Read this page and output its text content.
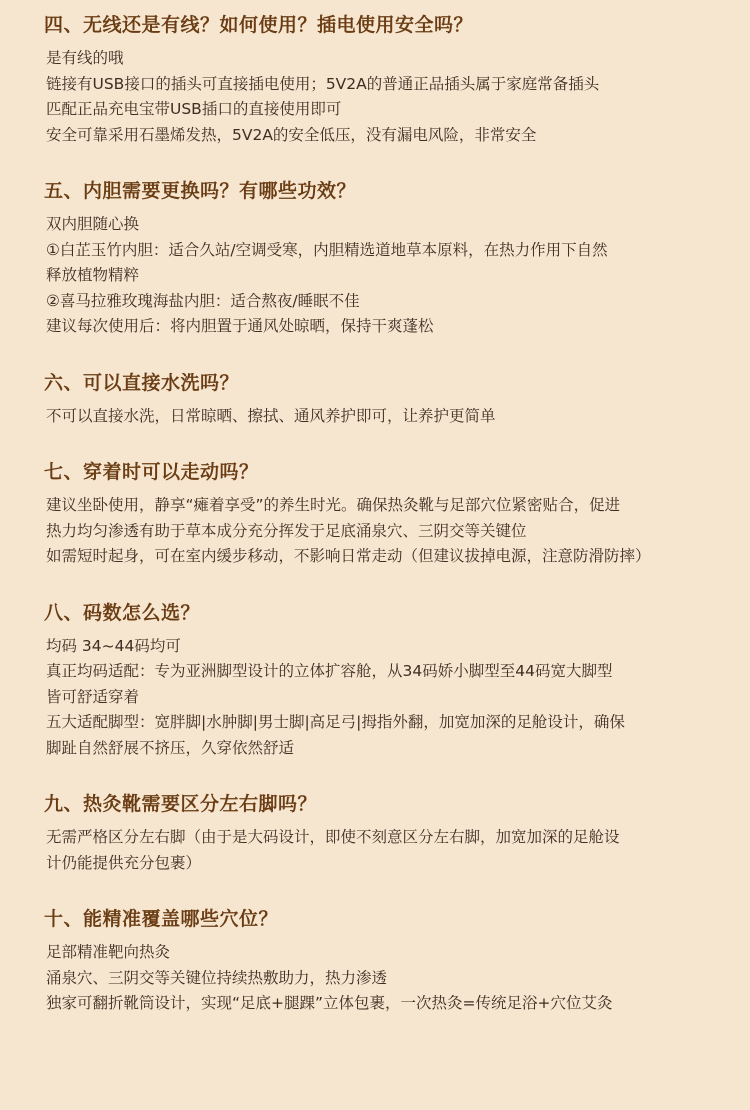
四、无线还是有线？如何使用？插电使用安全吗？
是有线的哦
链接有USB接口的插头可直接插电使用；5V2A的普通正品插头属于家庭常备插头
匹配正品充电宝带USB插口的直接使用即可
安全可靠采用石墨烯发热，5V2A的安全低压，没有漏电风险，非常安全
五、内胆需要更换吗？有哪些功效？
双内胆随心换
①白芷玉竹内胆：适合久站/空调受寒，内胆精选道地草本原料，在热力作用下自然
释放植物精粹
②喜马拉雅玫瑰海盐内胆：适合熬夜/睡眠不佳
建议每次使用后：将内胆置于通风处晾晒，保持干爽蓬松
六、可以直接水洗吗？
不可以直接水洗，日常晾晒、擦拭、通风养护即可，让养护更简单
七、穿着时可以走动吗？
建议坐卧使用，静享“瘫着享受”的养生时光。确保热灸靴与足部穴位紧密贴合，促进
热力均匀渗透有助于草本成分充分挥发于足底涌泉穴、三阴交等关键位
如需短时起身，可在室内缓步移动，不影响日常走动（但建议拔掉电源，注意防滑防摔）
八、码数怎么选？
均码 34~44码均可
真正均码适配：专为亚洲脚型设计的立体扩容舱，从34码娇小脚型至44码宽大脚型
皆可舒适穿着
五大适配脚型：宽胖脚|水肿脚|男士脚|高足弓|拇指外翻，加宽加深的足舱设计，确保
脚趾自然舒展不挤压，久穿依然舒适
九、热灸靴需要区分左右脚吗？
无需严格区分左右脚（由于是大码设计，即使不刻意区分左右脚，加宽加深的足舱设
计仍能提供充分包裹）
十、能精准覆盖哪些穴位？
足部精准靶向热灸
涌泉穴、三阴交等关键位持续热敷助力，热力渗透
独家可翻折靴筒设计，实现“足底+腿踝”立体包裹，一次热灸=传统足浴+穴位艾灸
